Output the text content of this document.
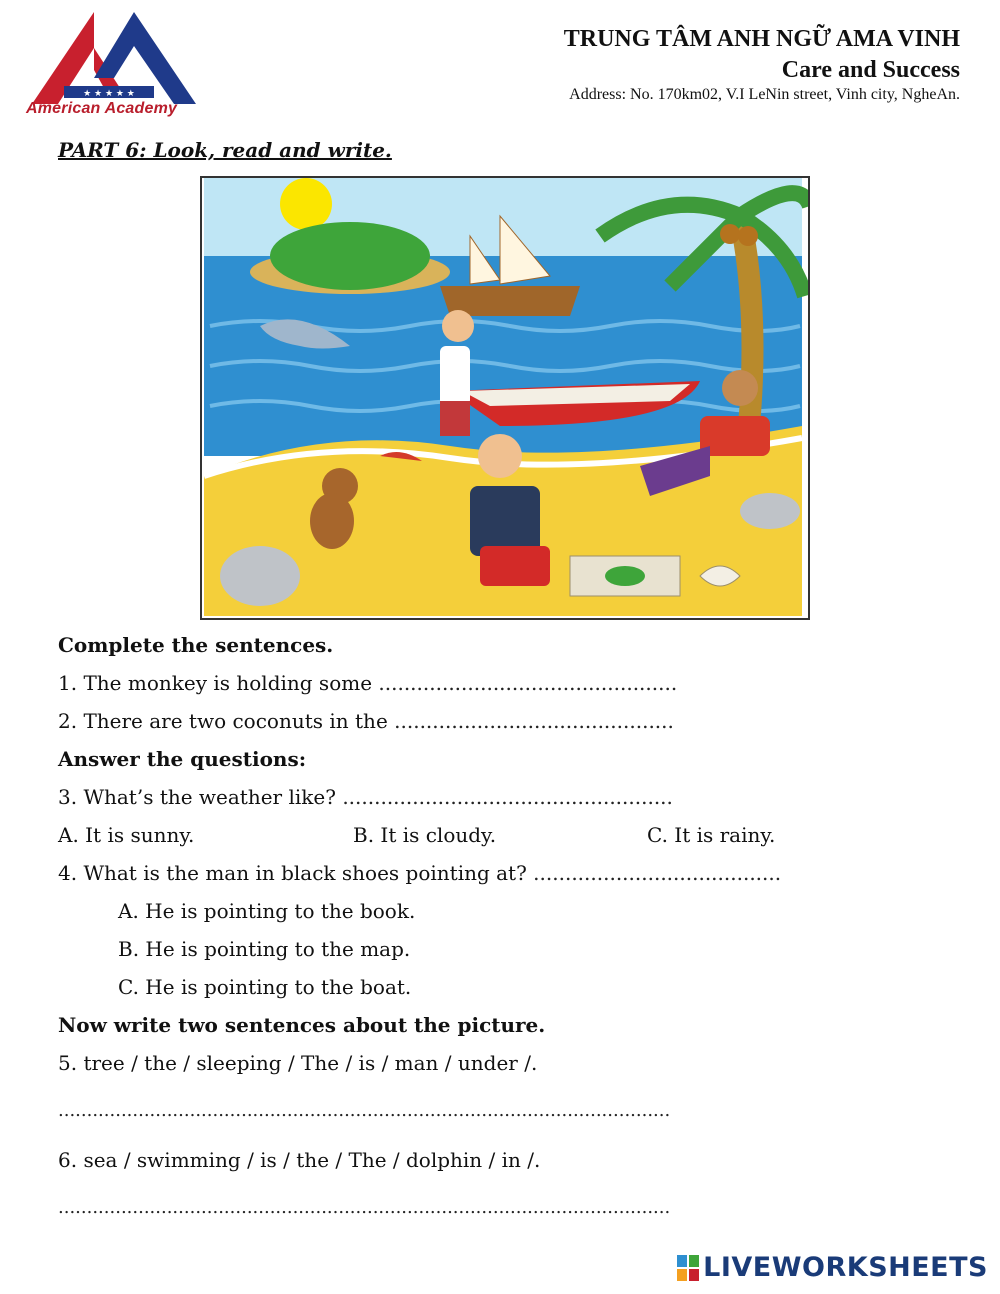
★ ★ ★ ★ ★
American Academy
TRUNG TÂM ANH NGỮ AMA VINH
Care and Success
Address: No. 170km02, V.I LeNin street, Vinh city, NgheAn.
PART 6: Look, read and write.
Complete the sentences.
1. The monkey is holding some ...............................................
2. There are two coconuts in the ............................................
Answer the questions:
3. What’s the weather like? ....................................................
A. It is sunny.	B. It is cloudy.	C. It is rainy.
4. What is the man in black shoes pointing at? .......................................
A. He is pointing to the book.
B. He is pointing to the map.
C. He is pointing to the boat.
Now write two sentences about the picture.
5. tree / the / sleeping / The / is / man / under /.
...........................................................................................................
6. sea / swimming / is / the / The / dolphin / in /.
...........................................................................................................
LIVEWORKSHEETS
